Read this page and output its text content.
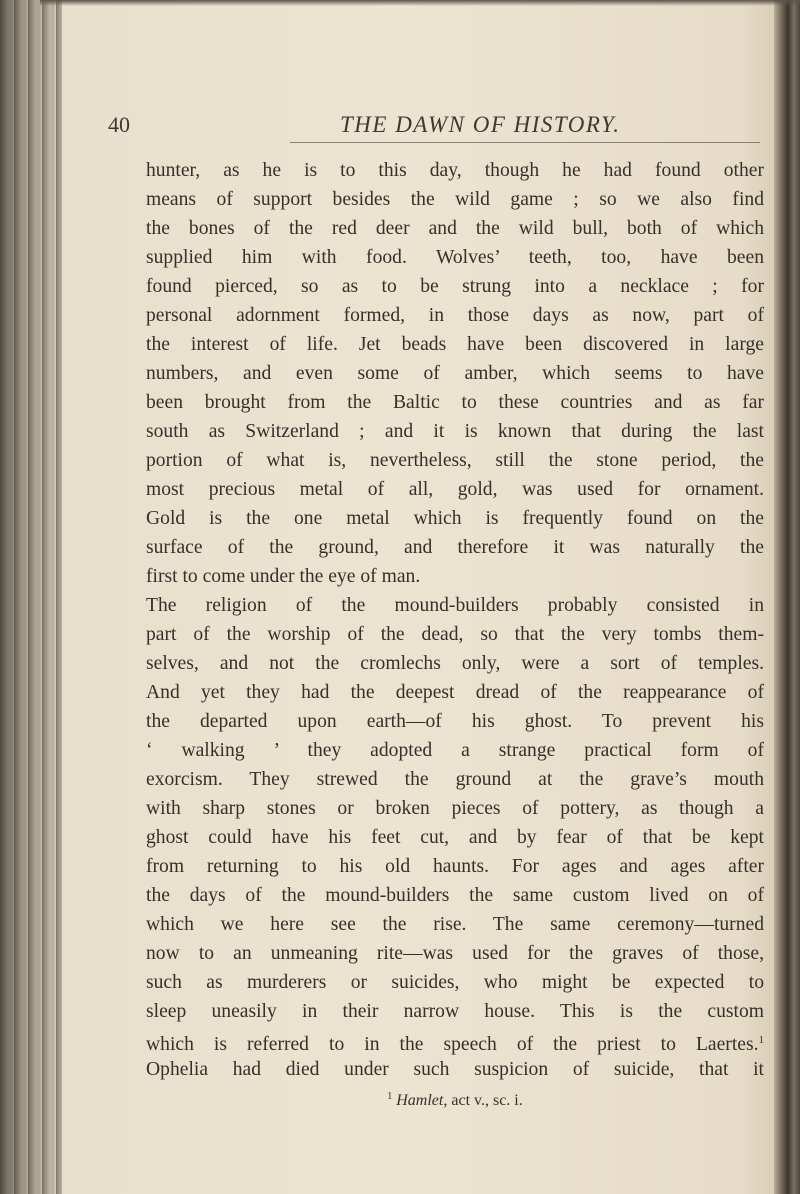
40	THE DAWN OF HISTORY.
hunter, as he is to this day, though he had found other
means of support besides the wild game ; so we also find
the bones of the red deer and the wild bull, both of which
supplied him with food. Wolves’ teeth, too, have been
found pierced, so as to be strung into a necklace ; for
personal adornment formed, in those days as now, part of
the interest of life. Jet beads have been discovered in large
numbers, and even some of amber, which seems to have
been brought from the Baltic to these countries and as far
south as Switzerland ; and it is known that during the last
portion of what is, nevertheless, still the stone period, the
most precious metal of all, gold, was used for ornament.
Gold is the one metal which is frequently found on the
surface of the ground, and therefore it was naturally the
first to come under the eye of man.
The religion of the mound-builders probably consisted in
part of the worship of the dead, so that the very tombs them-
selves, and not the cromlechs only, were a sort of temples.
And yet they had the deepest dread of the reappearance of
the departed upon earth—of his ghost. To prevent his
‘ walking ’ they adopted a strange practical form of
exorcism. They strewed the ground at the grave’s mouth
with sharp stones or broken pieces of pottery, as though a
ghost could have his feet cut, and by fear of that be kept
from returning to his old haunts. For ages and ages after
the days of the mound-builders the same custom lived on of
which we here see the rise. The same ceremony—turned
now to an unmeaning rite—was used for the graves of those,
such as murderers or suicides, who might be expected to
sleep uneasily in their narrow house. This is the custom
which is referred to in the speech of the priest to Laertes.$^1$
Ophelia had died under such suspicion of suicide, that it
$^1$ Hamlet, act v., sc. i.
